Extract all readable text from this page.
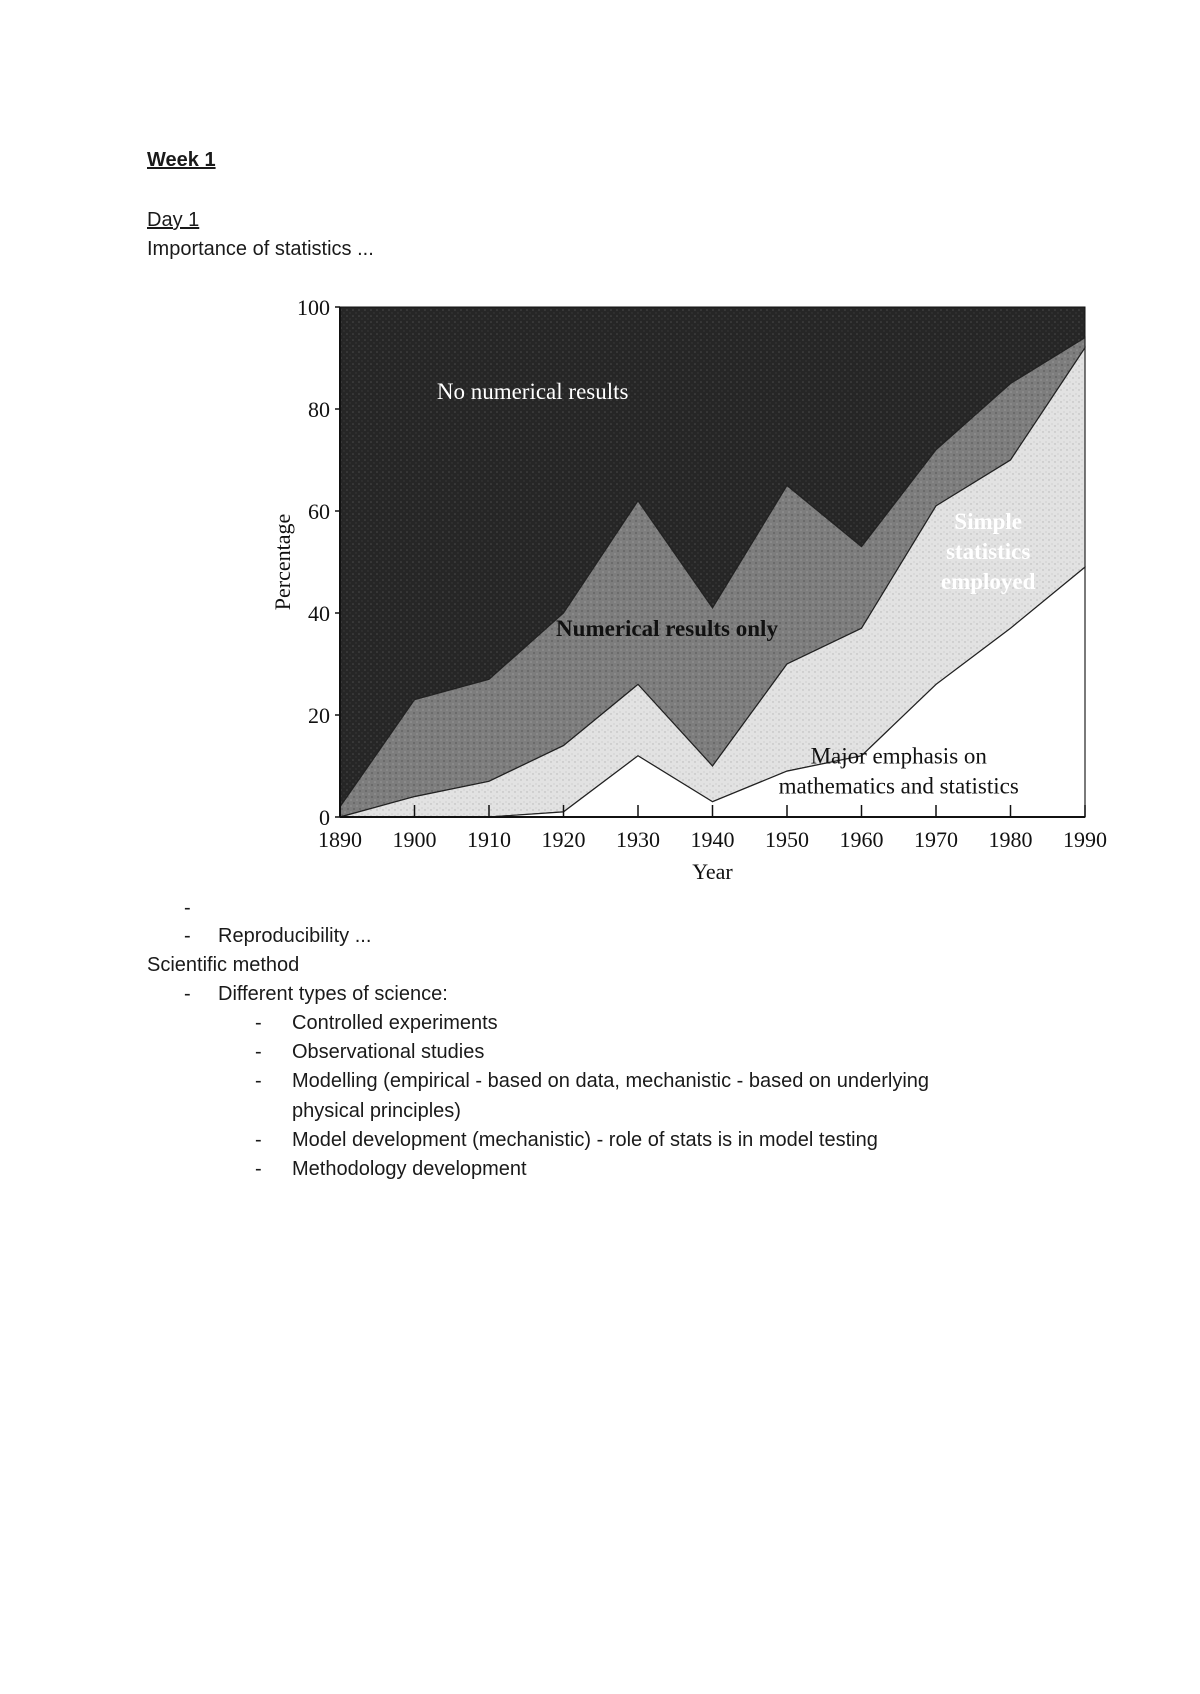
Week 1
Day 1
Importance of statistics ...
0
20
40
60
80
100
1890 1900 1910 1920 1930 1940 1950 1960 1970 1980 1990
Year
Percentage
No numerical results
Numerical results only
Simple
statistics
employed
Major emphasis on
mathematics and statistics
-
- Reproducibility ...
Scientific method
- Different types of science:
- Controlled experiments
- Observational studies
- Modelling (empirical - based on data, mechanistic - based on underlying
physical principles)
- Model development (mechanistic) - role of stats is in model testing
- Methodology development
